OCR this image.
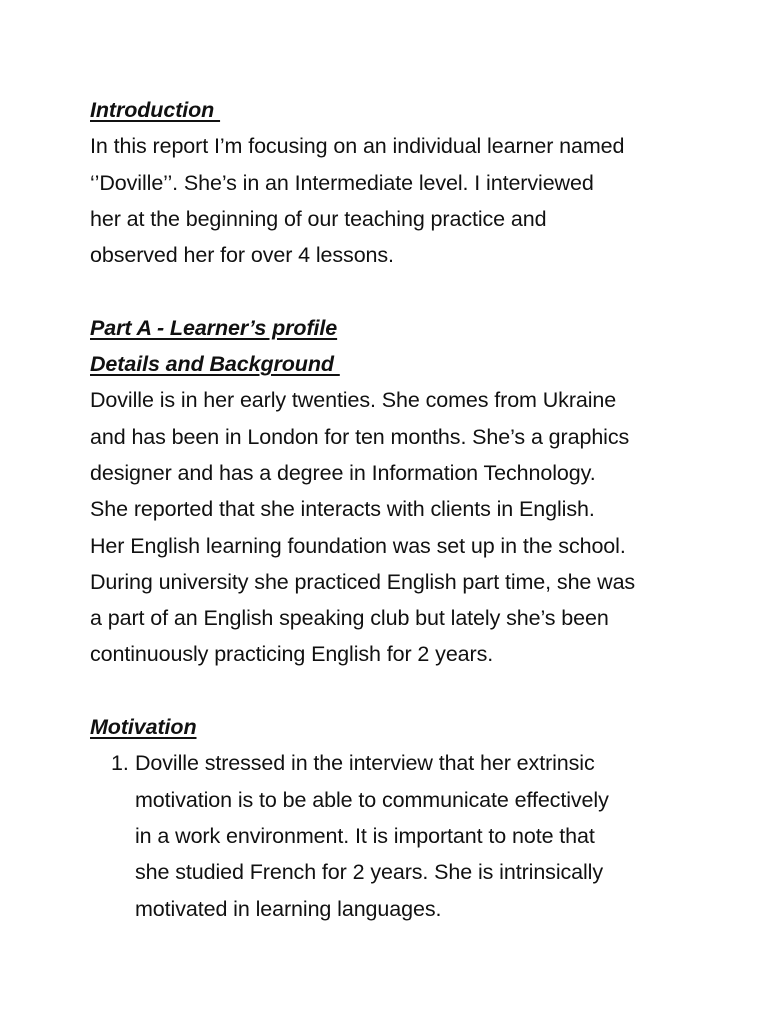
Introduction

In this report I’m focusing on an individual learner named
‘’Doville’’. She’s in an Intermediate level. I interviewed
her at the beginning of our teaching practice and
observed her for over 4 lessons.

Part A - Learner’s profile

Details and Background

Doville is in her early twenties. She comes from Ukraine
and has been in London for ten months. She’s a graphics
designer and has a degree in Information Technology.
She reported that she interacts with clients in English.
Her English learning foundation was set up in the school.
During university she practiced English part time, she was
a part of an English speaking club but lately she’s been
continuously practicing English for 2 years.

Motivation

1. Doville stressed in the interview that her extrinsic
motivation is to be able to communicate effectively
in a work environment. It is important to note that
she studied French for 2 years. She is intrinsically
motivated in learning languages.
